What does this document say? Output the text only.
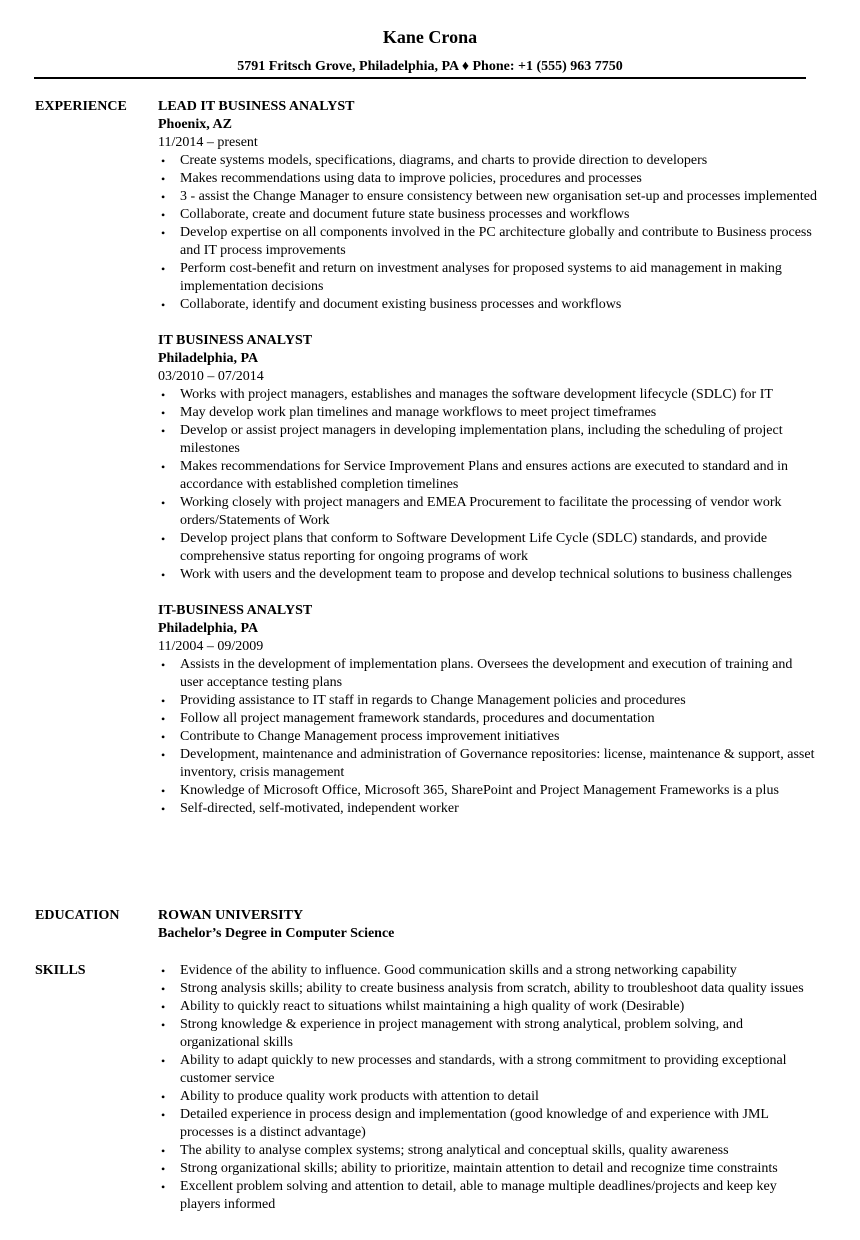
Kane Crona
5791 Fritsch Grove, Philadelphia, PA ♦ Phone: +1 (555) 963 7750
EXPERIENCE LEAD IT BUSINESS ANALYST
Phoenix, AZ
11/2014 – present
• Create systems models, specifications, diagrams, and charts to provide direction to developers
• Makes recommendations using data to improve policies, procedures and processes
• 3 - assist the Change Manager to ensure consistency between new organisation set-up and processes implemented
• Collaborate, create and document future state business processes and workflows
• Develop expertise on all components involved in the PC architecture globally and contribute to Business process and IT process improvements
• Perform cost-benefit and return on investment analyses for proposed systems to aid management in making implementation decisions
• Collaborate, identify and document existing business processes and workflows
IT BUSINESS ANALYST
Philadelphia, PA
03/2010 – 07/2014
• Works with project managers, establishes and manages the software development lifecycle (SDLC) for IT
• May develop work plan timelines and manage workflows to meet project timeframes
• Develop or assist project managers in developing implementation plans, including the scheduling of project milestones
• Makes recommendations for Service Improvement Plans and ensures actions are executed to standard and in accordance with established completion timelines
• Working closely with project managers and EMEA Procurement to facilitate the processing of vendor work orders/Statements of Work
• Develop project plans that conform to Software Development Life Cycle (SDLC) standards, and provide comprehensive status reporting for ongoing programs of work
• Work with users and the development team to propose and develop technical solutions to business challenges
IT-BUSINESS ANALYST
Philadelphia, PA
11/2004 – 09/2009
• Assists in the development of implementation plans. Oversees the development and execution of training and user acceptance testing plans
• Providing assistance to IT staff in regards to Change Management policies and procedures
• Follow all project management framework standards, procedures and documentation
• Contribute to Change Management process improvement initiatives
• Development, maintenance and administration of Governance repositories: license, maintenance & support, asset inventory, crisis management
• Knowledge of Microsoft Office, Microsoft 365, SharePoint and Project Management Frameworks is a plus
• Self-directed, self-motivated, independent worker
EDUCATION	ROWAN UNIVERSITY
Bachelor’s Degree in Computer Science
SKILLS	• Evidence of the ability to influence. Good communication skills and a strong networking capability
• Strong analysis skills; ability to create business analysis from scratch, ability to troubleshoot data quality issues
• Ability to quickly react to situations whilst maintaining a high quality of work (Desirable)
• Strong knowledge & experience in project management with strong analytical, problem solving, and organizational skills
• Ability to adapt quickly to new processes and standards, with a strong commitment to providing exceptional customer service
• Ability to produce quality work products with attention to detail
• Detailed experience in process design and implementation (good knowledge of and experience with JML processes is a distinct advantage)
• The ability to analyse complex systems; strong analytical and conceptual skills, quality awareness
• Strong organizational skills; ability to prioritize, maintain attention to detail and recognize time constraints
• Excellent problem solving and attention to detail, able to manage multiple deadlines/projects and keep key players informed
